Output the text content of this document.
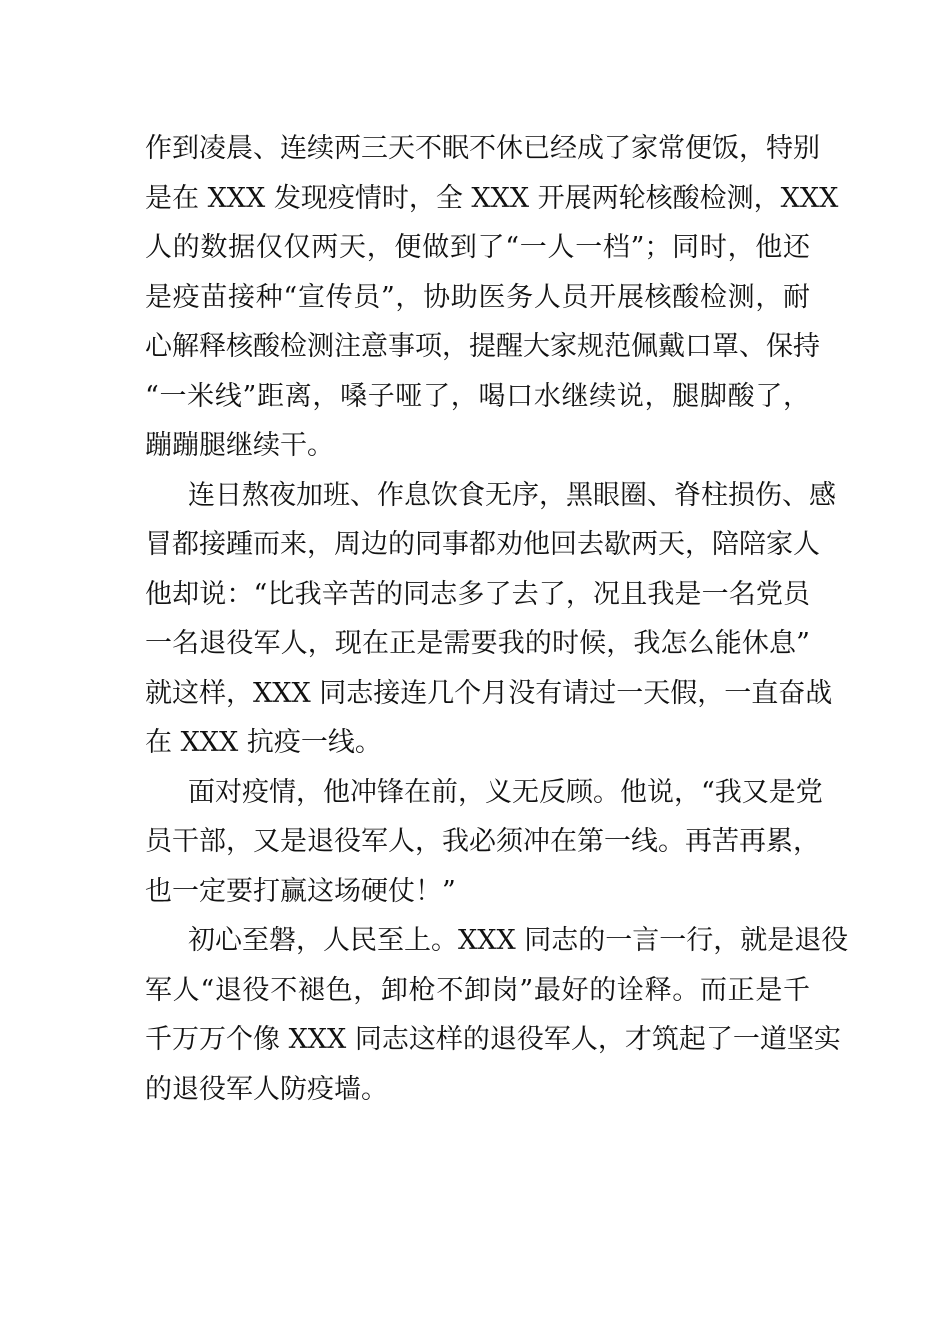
作到凌晨、连续两三天不眠不休已经成了家常便饭，特别
是在 XXX 发现疫情时，全 XXX 开展两轮核酸检测，XXX
人的数据仅仅两天，便做到了“一人一档”；同时，他还
是疫苗接种“宣传员”，协助医务人员开展核酸检测，耐
心解释核酸检测注意事项，提醒大家规范佩戴口罩、保持
“一米线”距离，嗓子哑了，喝口水继续说，腿脚酸了，
蹦蹦腿继续干。
连日熬夜加班、作息饮食无序，黑眼圈、脊柱损伤、感
冒都接踵而来，周边的同事都劝他回去歇两天，陪陪家人
他却说：“比我辛苦的同志多了去了，况且我是一名党员
一名退役军人，现在正是需要我的时候，我怎么能休息”
就这样，XXX 同志接连几个月没有请过一天假，一直奋战
在 XXX 抗疫一线。
面对疫情，他冲锋在前，义无反顾。他说，“我又是党
员干部，又是退役军人，我必须冲在第一线。再苦再累，
也一定要打赢这场硬仗！”
初心至磐，人民至上。XXX 同志的一言一行，就是退役
军人“退役不褪色，卸枪不卸岗”最好的诠释。而正是千
千万万个像 XXX 同志这样的退役军人，才筑起了一道坚实
的退役军人防疫墙。
